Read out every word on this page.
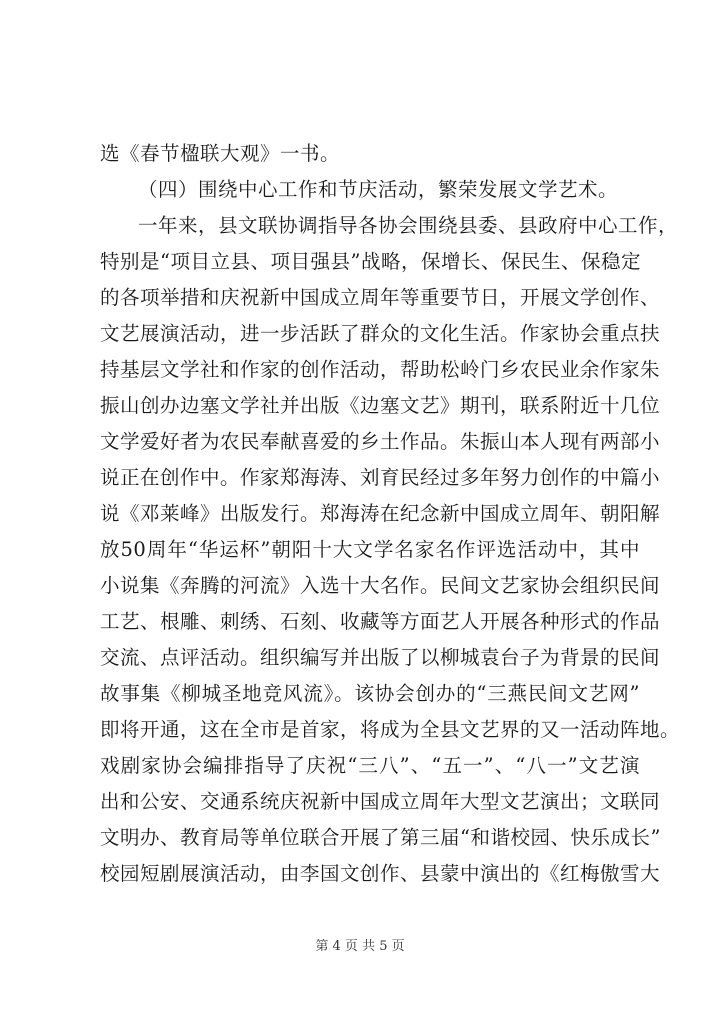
选《春节楹联大观》一书。
（四）围绕中心工作和节庆活动，繁荣发展文学艺术。
一年来，县文联协调指导各协会围绕县委、县政府中心工作，
特别是“项目立县、项目强县”战略，保增长、保民生、保稳定
的各项举措和庆祝新中国成立周年等重要节日，开展文学创作、
文艺展演活动，进一步活跃了群众的文化生活。作家协会重点扶
持基层文学社和作家的创作活动，帮助松岭门乡农民业余作家朱
振山创办边塞文学社并出版《边塞文艺》期刊，联系附近十几位
文学爱好者为农民奉献喜爱的乡土作品。朱振山本人现有两部小
说正在创作中。作家郑海涛、刘育民经过多年努力创作的中篇小
说《邓莱峰》出版发行。郑海涛在纪念新中国成立周年、朝阳解
放50周年“华运杯”朝阳十大文学名家名作评选活动中，其中
小说集《奔腾的河流》入选十大名作。民间文艺家协会组织民间
工艺、根雕、刺绣、石刻、收藏等方面艺人开展各种形式的作品
交流、点评活动。组织编写并出版了以柳城袁台子为背景的民间
故事集《柳城圣地竞风流》。该协会创办的“三燕民间文艺网”
即将开通，这在全市是首家，将成为全县文艺界的又一活动阵地。
戏剧家协会编排指导了庆祝“三八”、“五一”、“八一”文艺演
出和公安、交通系统庆祝新中国成立周年大型文艺演出；文联同
文明办、教育局等单位联合开展了第三届“和谐校园、快乐成长”
校园短剧展演活动，由李国文创作、县蒙中演出的《红梅傲雪大
第 4 页 共 5 页
